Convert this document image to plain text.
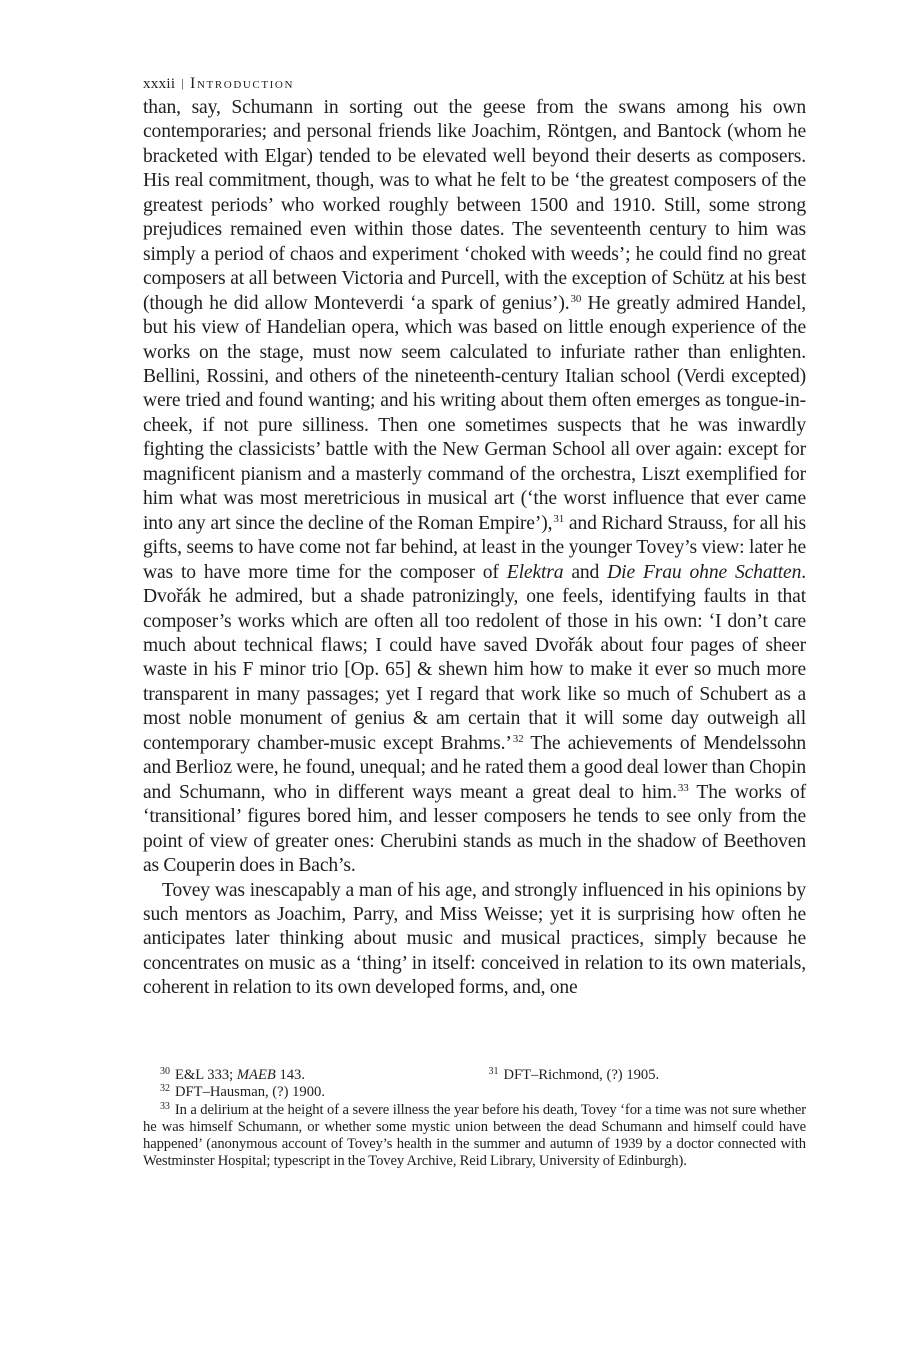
xxxii | Introduction

than, say, Schumann in sorting out the geese from the swans among his own contemporaries; and personal friends like Joachim, Röntgen, and Bantock (whom he bracketed with Elgar) tended to be elevated well beyond their deserts as composers. His real commitment, though, was to what he felt to be ‘the greatest composers of the greatest periods’ who worked roughly between 1500 and 1910. Still, some strong prejudices remained even within those dates. The seventeenth century to him was simply a period of chaos and experiment ‘choked with weeds’; he could find no great composers at all between Victoria and Purcell, with the exception of Schütz at his best (though he did allow Monteverdi ‘a spark of genius’).$^{30}$ He greatly admired Handel, but his view of Handelian opera, which was based on little enough experience of the works on the stage, must now seem calculated to infuriate rather than enlighten. Bellini, Rossini, and others of the nineteenth-century Italian school (Verdi excepted) were tried and found wanting; and his writing about them often emerges as tongue-in-cheek, if not pure silliness. Then one sometimes suspects that he was inwardly fighting the classicists’ battle with the New German School all over again: except for magnificent pianism and a masterly command of the orchestra, Liszt exemplified for him what was most meretricious in musical art (‘the worst influence that ever came into any art since the decline of the Roman Empire’),$^{31}$ and Richard Strauss, for all his gifts, seems to have come not far behind, at least in the younger Tovey’s view: later he was to have more time for the composer of Elektra and Die Frau ohne Schatten. Dvořák he admired, but a shade patronizingly, one feels, identifying faults in that composer’s works which are often all too redolent of those in his own: ‘I don’t care much about technical flaws; I could have saved Dvořák about four pages of sheer waste in his F minor trio [Op. 65] & shewn him how to make it ever so much more transparent in many passages; yet I regard that work like so much of Schubert as a most noble monument of genius & am certain that it will some day outweigh all contemporary chamber-music except Brahms.’$^{32}$ The achievements of Mendelssohn and Berlioz were, he found, unequal; and he rated them a good deal lower than Chopin and Schumann, who in different ways meant a great deal to him.$^{33}$ The works of ‘transitional’ figures bored him, and lesser composers he tends to see only from the point of view of greater ones: Cherubini stands as much in the shadow of Beethoven as Couperin does in Bach’s.

Tovey was inescapably a man of his age, and strongly influenced in his opinions by such mentors as Joachim, Parry, and Miss Weisse; yet it is surprising how often he anticipates later thinking about music and musical practices, simply because he concentrates on music as a ‘thing’ in itself: conceived in relation to its own materials, coherent in relation to its own developed forms, and, one

$^{30}$ E&L 333; MAEB 143.	$^{31}$ DFT–Richmond, (?) 1905.
$^{32}$ DFT–Hausman, (?) 1900.
$^{33}$ In a delirium at the height of a severe illness the year before his death, Tovey ‘for a time was not sure whether he was himself Schumann, or whether some mystic union between the dead Schumann and himself could have happened’ (anonymous account of Tovey’s health in the summer and autumn of 1939 by a doctor connected with Westminster Hospital; typescript in the Tovey Archive, Reid Library, University of Edinburgh).
